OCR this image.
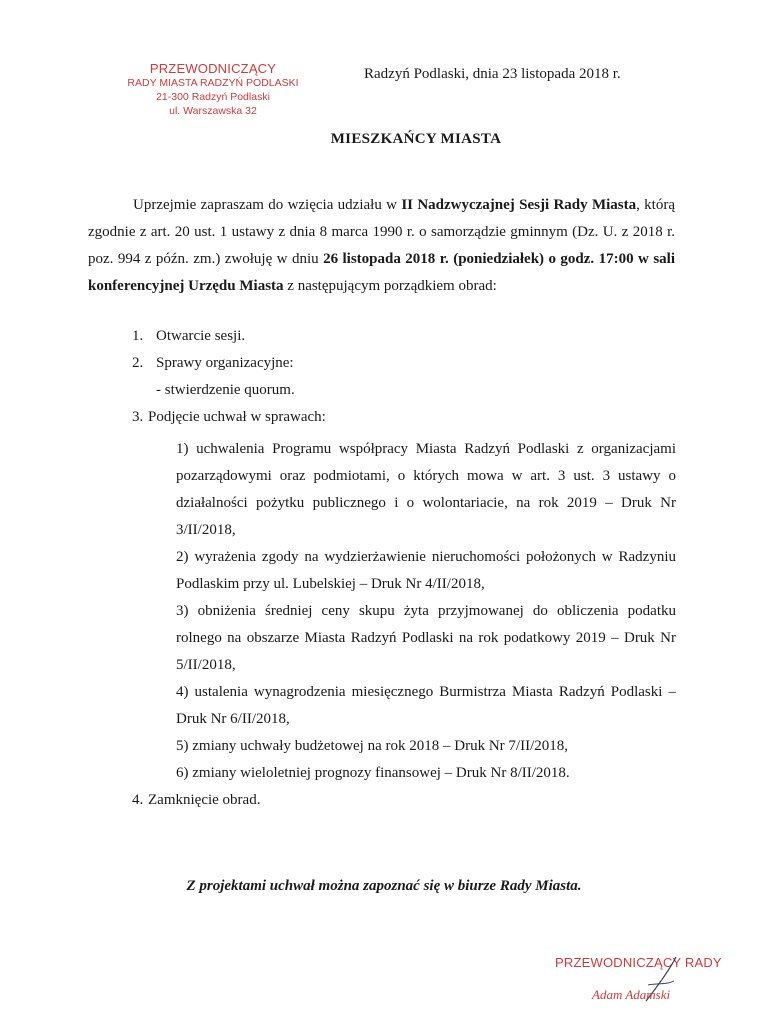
PRZEWODNICZĄCY
RADY MIASTA RADZYŃ PODLASKI
21-300 Radzyń Podlaski
ul. Warszawska 32
Radzyń Podlaski, dnia 23 listopada 2018 r.
MIESZKAŃCY MIASTA

Uprzejmie zapraszam do wzięcia udziału w II Nadzwyczajnej Sesji Rady Miasta, którą zgodnie z art. 20 ust. 1 ustawy z dnia 8 marca 1990 r. o samorządzie gminnym (Dz. U. z 2018 r. poz. 994 z późn. zm.) zwołuję w dniu 26 listopada 2018 r. (poniedziałek) o godz. 17:00 w sali konferencyjnej Urzędu Miasta z następującym porządkiem obrad:

1. Otwarcie sesji.
2. Sprawy organizacyjne:
- stwierdzenie quorum.
3. Podjęcie uchwał w sprawach:

1) uchwalenia Programu współpracy Miasta Radzyń Podlaski z organizacjami pozarządowymi oraz podmiotami, o których mowa w art. 3 ust. 3 ustawy o działalności pożytku publicznego i o wolontariacie, na rok 2019 – Druk Nr 3/II/2018,

2) wyrażenia zgody na wydzierżawienie nieruchomości położonych w Radzyniu Podlaskim przy ul. Lubelskiej – Druk Nr 4/II/2018,

3) obniżenia średniej ceny skupu żyta przyjmowanej do obliczenia podatku rolnego na obszarze Miasta Radzyń Podlaski na rok podatkowy 2019 – Druk Nr 5/II/2018,

4) ustalenia wynagrodzenia miesięcznego Burmistrza Miasta Radzyń Podlaski – Druk Nr 6/II/2018,

5) zmiany uchwały budżetowej na rok 2018 – Druk Nr 7/II/2018,

6) zmiany wieloletniej prognozy finansowej – Druk Nr 8/II/2018.

4. Zamknięcie obrad.
Z projektami uchwał można zapoznać się w biurze Rady Miasta.
PRZEWODNICZĄCY RADY
Adam Adamski
